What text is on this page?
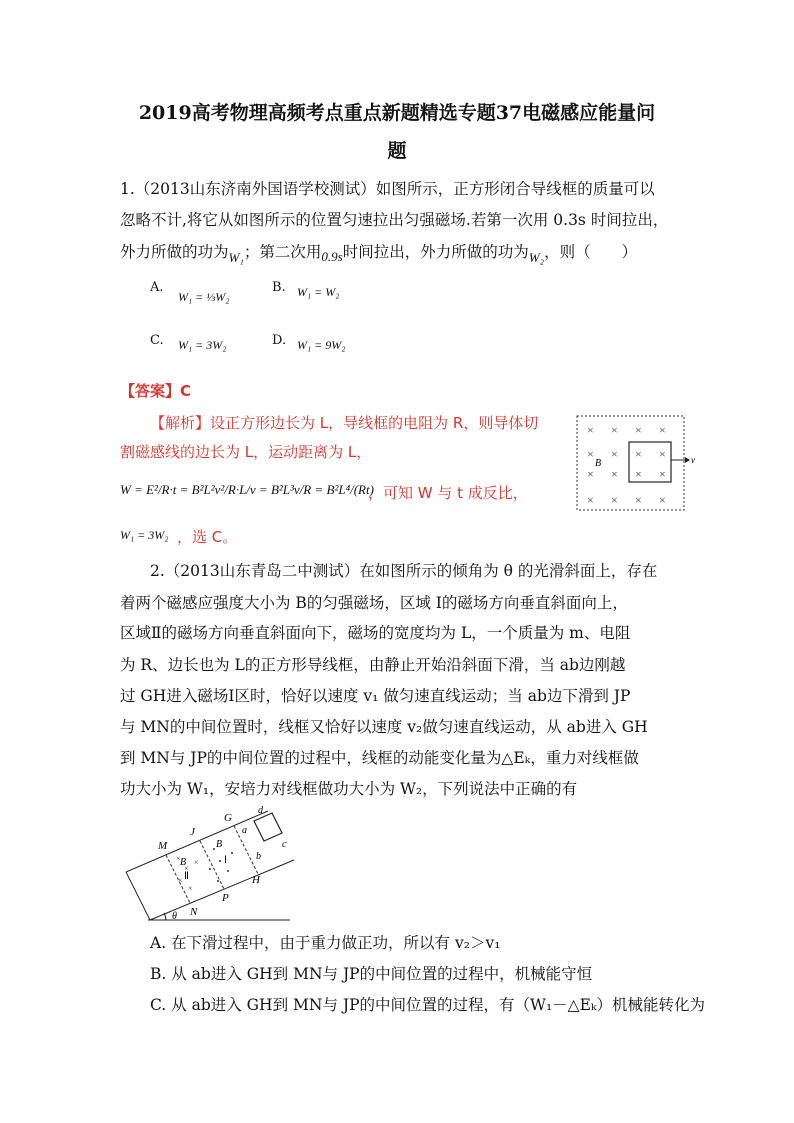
2019高考物理高频考点重点新题精选专题37电磁感应能量问
题
1.（2013山东济南外国语学校测试）如图所示，正方形闭合导线框的质量可以
忽略不计,将它从如图所示的位置匀速拉出匀强磁场.若第一次用 0.3s 时间拉出，
外力所做的功为$_{W_1}$；第二次用$_{0.9s}$时间拉出，外力所做的功为$_{W_2}$，则（　　）
A.
W₁ = ⅓W₂
B. W₁ = W₂
C. W₁ = 3W₂	D. W₁ = 9W₂
【答案】C
【解析】设正方形边长为 L，导线框的电阻为 R，则导体切
割磁感线的边长为 L，运动距离为 L，
W = E²/R·t = B²L²v²/R·L/v = B²L³v/R = B²L⁴/(Rt)
，可知 W 与 t 成反比，
W₁ = 3W₂ ，选 C。
× × × ×
× × × ×
× × × ×
× × × ×
B	v
2.（2013山东青岛二中测试）在如图所示的倾角为 θ 的光滑斜面上，存在
着两个磁感应强度大小为 B的匀强磁场，区域 I的磁场方向垂直斜面向上，
区域Ⅱ的磁场方向垂直斜面向下，磁场的宽度均为 L，一个质量为 m、电阻
为 R、边长也为 L的正方形导线框，由静止开始沿斜面下滑，当 ab边刚越
过 GH进入磁场Ⅰ区时，恰好以速度 v₁ 做匀速直线运动；当 ab边下滑到 JP
与 MN的中间位置时，线框又恰好以速度 v₂做匀速直线运动，从 ab进入 GH
到 MN与 JP的中间位置的过程中，线框的动能变化量为△Eₖ，重力对线框做
功大小为 W₁，安培力对线框做功大小为 W₂，下列说法中正确的有
×
×
×
×
×
M
J
G
d
a
c
b
H
P
N
θ
B
B	Ⅰ
Ⅱ
A. 在下滑过程中，由于重力做正功，所以有 v₂＞v₁
B. 从 ab进入 GH到 MN与 JP的中间位置的过程中，机械能守恒
C. 从 ab进入 GH到 MN与 JP的中间位置的过程，有（W₁－△Eₖ）机械能转化为
